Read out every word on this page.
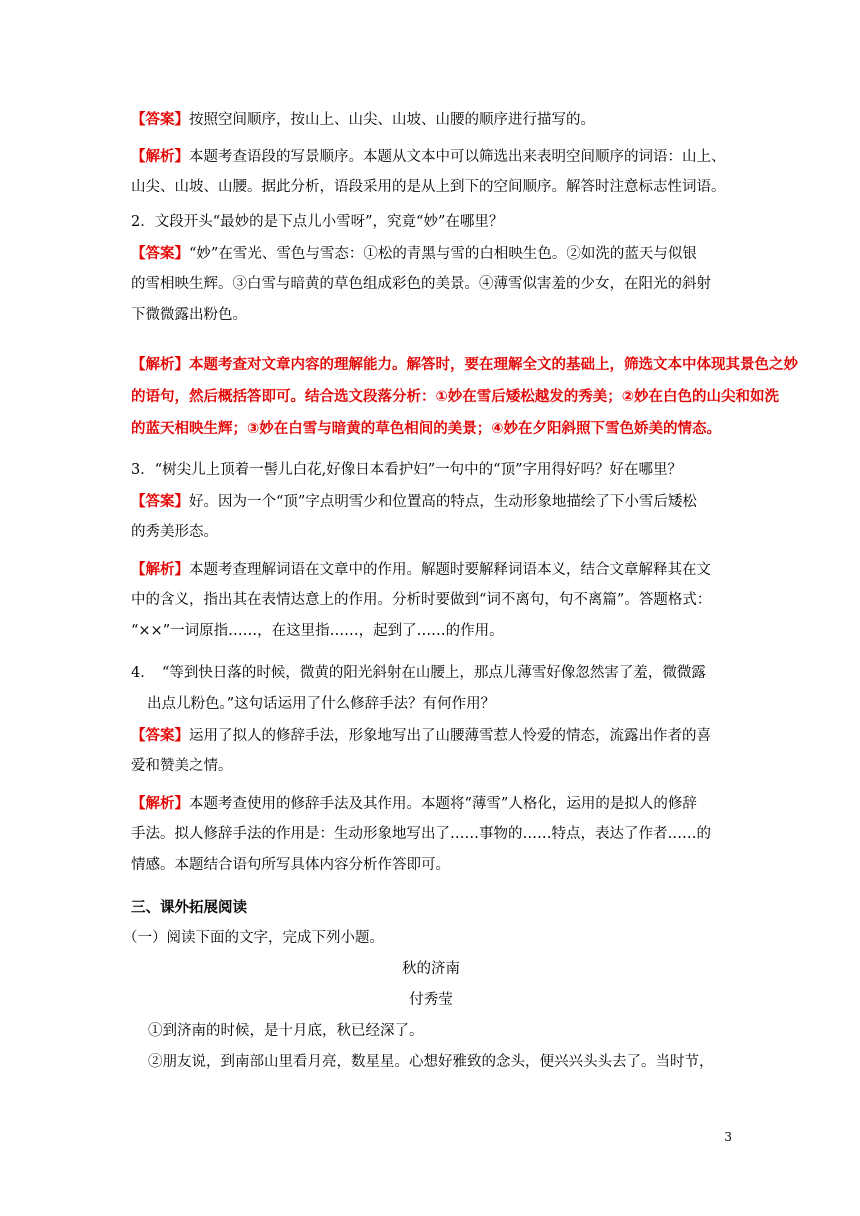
【答案】按照空间顺序，按山上、山尖、山坡、山腰的顺序进行描写的。
【解析】本题考查语段的写景顺序。本题从文本中可以筛选出来表明空间顺序的词语：山上、
山尖、山坡、山腰。据此分析，语段采用的是从上到下的空间顺序。解答时注意标志性词语。
2．文段开头“最妙的是下点儿小雪呀”，究竟“妙”在哪里？
【答案】“妙”在雪光、雪色与雪态：①松的青黑与雪的白相映生色。②如洗的蓝天与似银
的雪相映生辉。③白雪与暗黄的草色组成彩色的美景。④薄雪似害羞的少女，在阳光的斜射
下微微露出粉色。
【解析】本题考查对文章内容的理解能力。解答时，要在理解全文的基础上，筛选文本中体现其景色之妙
的语句，然后概括答即可。结合选文段落分析：①妙在雪后矮松越发的秀美；②妙在白色的山尖和如洗
的蓝天相映生辉；③妙在白雪与暗黄的草色相间的美景；④妙在夕阳斜照下雪色娇美的情态。
3．“树尖儿上顶着一髻儿白花,好像日本看护妇”一句中的“顶”字用得好吗？好在哪里？
【答案】好。因为一个“顶”字点明雪少和位置高的特点，生动形象地描绘了下小雪后矮松
的秀美形态。
【解析】本题考查理解词语在文章中的作用。解题时要解释词语本义，结合文章解释其在文
中的含义，指出其在表情达意上的作用。分析时要做到“词不离句，句不离篇”。答题格式：
“××”一词原指……，在这里指……，起到了……的作用。
4．　“等到快日落的时候，微黄的阳光斜射在山腰上，那点儿薄雪好像忽然害了羞，微微露
出点儿粉色。”这句话运用了什么修辞手法？有何作用？
【答案】运用了拟人的修辞手法，形象地写出了山腰薄雪惹人怜爱的情态，流露出作者的喜
爱和赞美之情。
【解析】本题考查使用的修辞手法及其作用。本题将“薄雪”人格化，运用的是拟人的修辞
手法。拟人修辞手法的作用是：生动形象地写出了……事物的……特点，表达了作者……的
情感。本题结合语句所写具体内容分析作答即可。
三、课外拓展阅读
（一）阅读下面的文字，完成下列小题。
秋的济南
付秀莹
①到济南的时候，是十月底，秋已经深了。
②朋友说，到南部山里看月亮，数星星。心想好雅致的念头，便兴兴头头去了。当时节，
3
